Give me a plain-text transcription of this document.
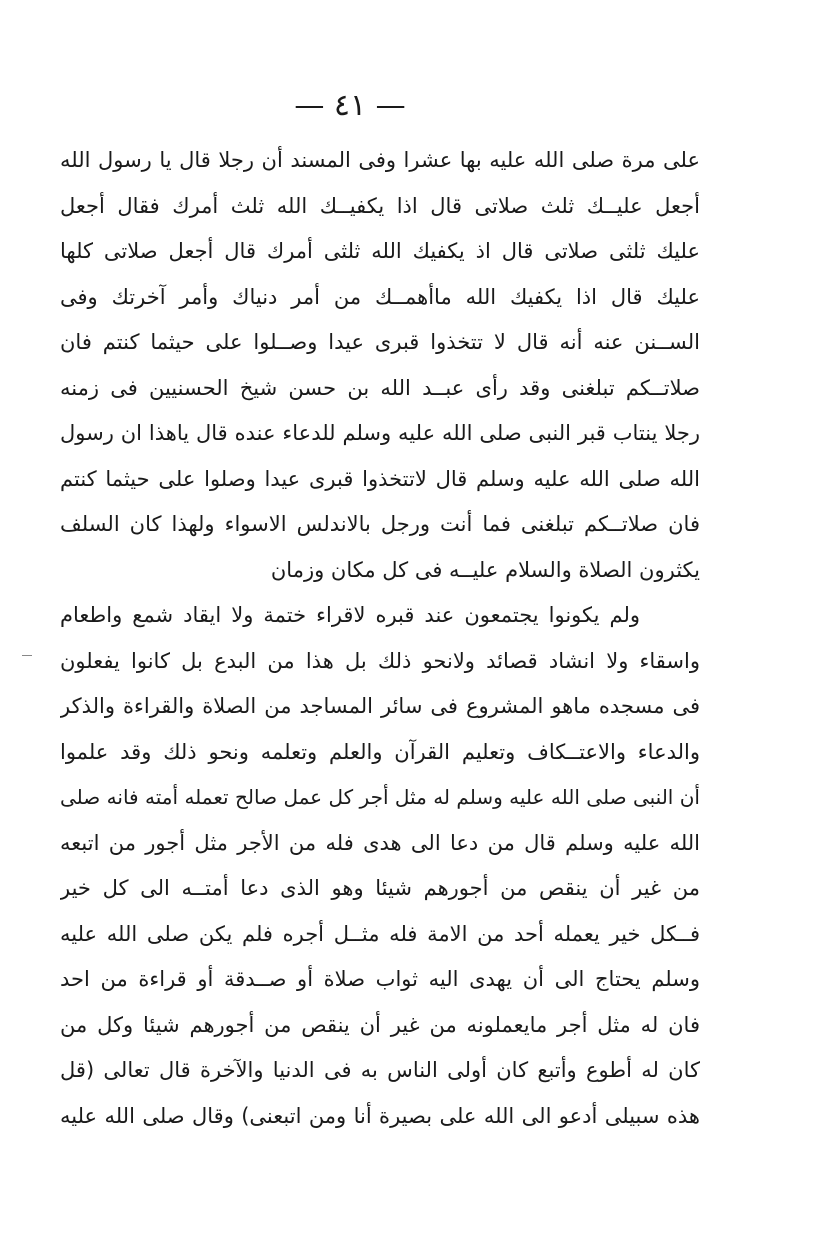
— ٤١ —
على مرة صلى الله عليه بها عشرا وفى المسند أن رجلا قال يا رسول الله
أجعل عليــك ثلث صلاتى قال اذا يكفيــك الله ثلث أمرك فقال أجعل
عليك ثلثى صلاتى قال اذ يكفيك الله ثلثى أمرك قال أجعل صلاتى كلها
عليك قال اذا يكفيك الله ماأهمــك من أمر دنياك وأمر آخرتك وفى
الســنن عنه أنه قال لا تتخذوا قبرى عيدا وصــلوا على حيثما كنتم فان
صلاتــكم تبلغنى وقد رأى عبــد الله بن حسن شيخ الحسنيين فى زمنه
رجلا ينتاب قبر النبى صلى الله عليه وسلم للدعاء عنده قال ياهذا ان رسول
الله صلى الله عليه وسلم قال لاتتخذوا قبرى عيدا وصلوا على حيثما كنتم
فان صلاتــكم تبلغنى فما أنت ورجل بالاندلس الاسواء ولهذا كان السلف
يكثرون الصلاة والسلام عليــه فى كل مكان وزمان
ولم يكونوا يجتمعون عند قبره لاقراء ختمة ولا ايقاد شمع واطعام
واسقاء ولا انشاد قصائد ولانحو ذلك بل هذا من البدع بل كانوا يفعلون
فى مسجده ماهو المشروع فى سائر المساجد من الصلاة والقراءة والذكر
والدعاء والاعتــكاف وتعليم القرآن والعلم وتعلمه ونحو ذلك وقد علموا
أن النبى صلى الله عليه وسلم له مثل أجر كل عمل صالح تعمله أمته فانه صلى
الله عليه وسلم قال من دعا الى هدى فله من الأجر مثل أجور من اتبعه
من غير أن ينقص من أجورهم شيئا وهو الذى دعا أمتــه الى كل خير
فــكل خير يعمله أحد من الامة فله مثــل أجره فلم يكن صلى الله عليه
وسلم يحتاج الى أن يهدى اليه ثواب صلاة أو صــدقة أو قراءة من احد
فان له مثل أجر مايعملونه من غير أن ينقص من أجورهم شيئا وكل من
كان له أطوع وأتبع كان أولى الناس به فى الدنيا والآخرة قال تعالى (قل
هذه سبيلى أدعو الى الله على بصيرة أنا ومن اتبعنى) وقال صلى الله عليه
